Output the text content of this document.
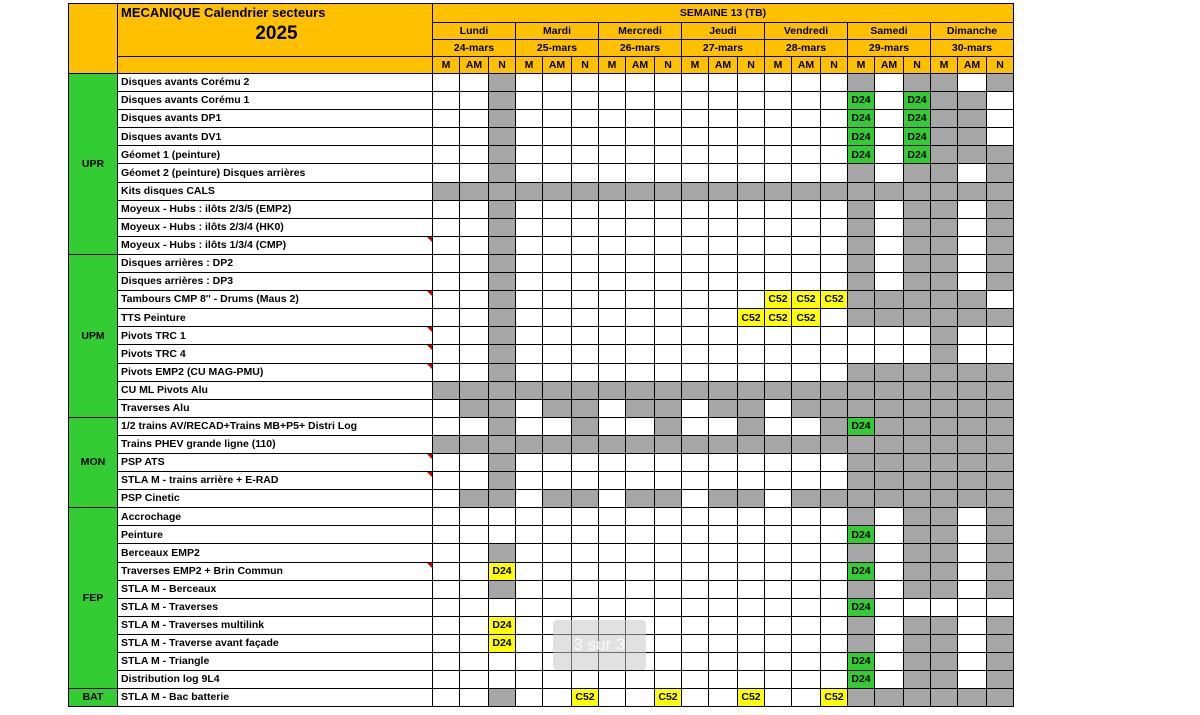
	MECANIQUE Calendrier secteurs
2025	SEMAINE 13 (TB)																				
		Lundi			Mardi			Mercredi			Jeudi			Vendredi			Samedi			Dimanche		
		24-mars			25-mars			26-mars			27-mars			28-mars			29-mars			30-mars		
		M	AM	N	M	AM	N	M	AM	N	M	AM	N	M	AM	N	M	AM	N	M	AM	N
UPR	Disques avants Corému 2																					
	Disques avants Corému 1																D24		D24			
	Disques avants DP1																D24		D24			
	Disques avants DV1																D24		D24			
	Géomet 1 (peinture)																D24		D24			
	Géomet 2 (peinture) Disques arrières																					
	Kits disques CALS																					
	Moyeux - Hubs : ilôts 2/3/5 (EMP2)																					
	Moyeux - Hubs : ilôts 2/3/4 (HK0)																					
	Moyeux - Hubs : ilôts 1/3/4 (CMP)																					
UPM	Disques arrières : DP2																					
	Disques arrières : DP3																					
	Tambours CMP 8'' - Drums (Maus 2)													C52	C52	C52						
	TTS Peinture												C52	C52	C52							
	Pivots TRC 1																					
	Pivots TRC 4																					
	Pivots EMP2 (CU MAG-PMU)																					
	CU ML Pivots Alu																					
	Traverses Alu																					
MON	1/2 trains AV/RECAD+Trains MB+P5+ Distri Log																D24					
	Trains PHEV grande ligne (110)																					
	PSP ATS																					
	STLA M - trains arrière + E-RAD																					
	PSP Cinetic																					
FEP	Accrochage																					
	Peinture																D24					
	Berceaux EMP2																					
	Traverses EMP2 + Brin Commun			D24													D24					
	STLA M - Berceaux																					
	STLA M - Traverses																D24					
	STLA M - Traverses multilink			D24																		
	STLA M - Traverse avant façade			D24																		
	STLA M - Triangle																D24					
	Distribution log 9L4																D24					
BAT	STLA M - Bac batterie						C52			C52			C52			C52						
3 sur 3
